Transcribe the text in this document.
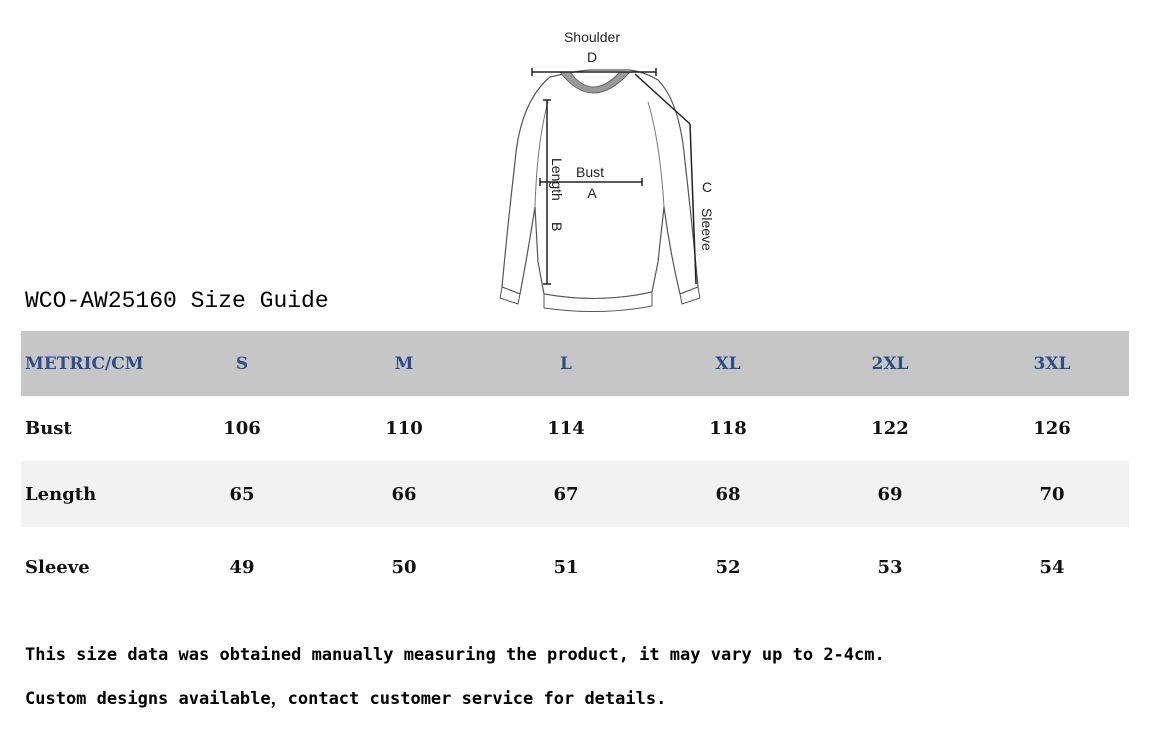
Shoulder
D
C
Sleeve
Length
B
Bust
A
WCO-AW25160 Size Guide
METRIC/CM	S	M	L	XL	2XL	3XL
Bust	106	110	114	118	122	126
Length	65	66	67	68	69	70
Sleeve	49	50	51	52	53	54
This size data was obtained manually measuring the product, it may vary up to 2-4cm.
Custom designs available，contact customer service for details.
